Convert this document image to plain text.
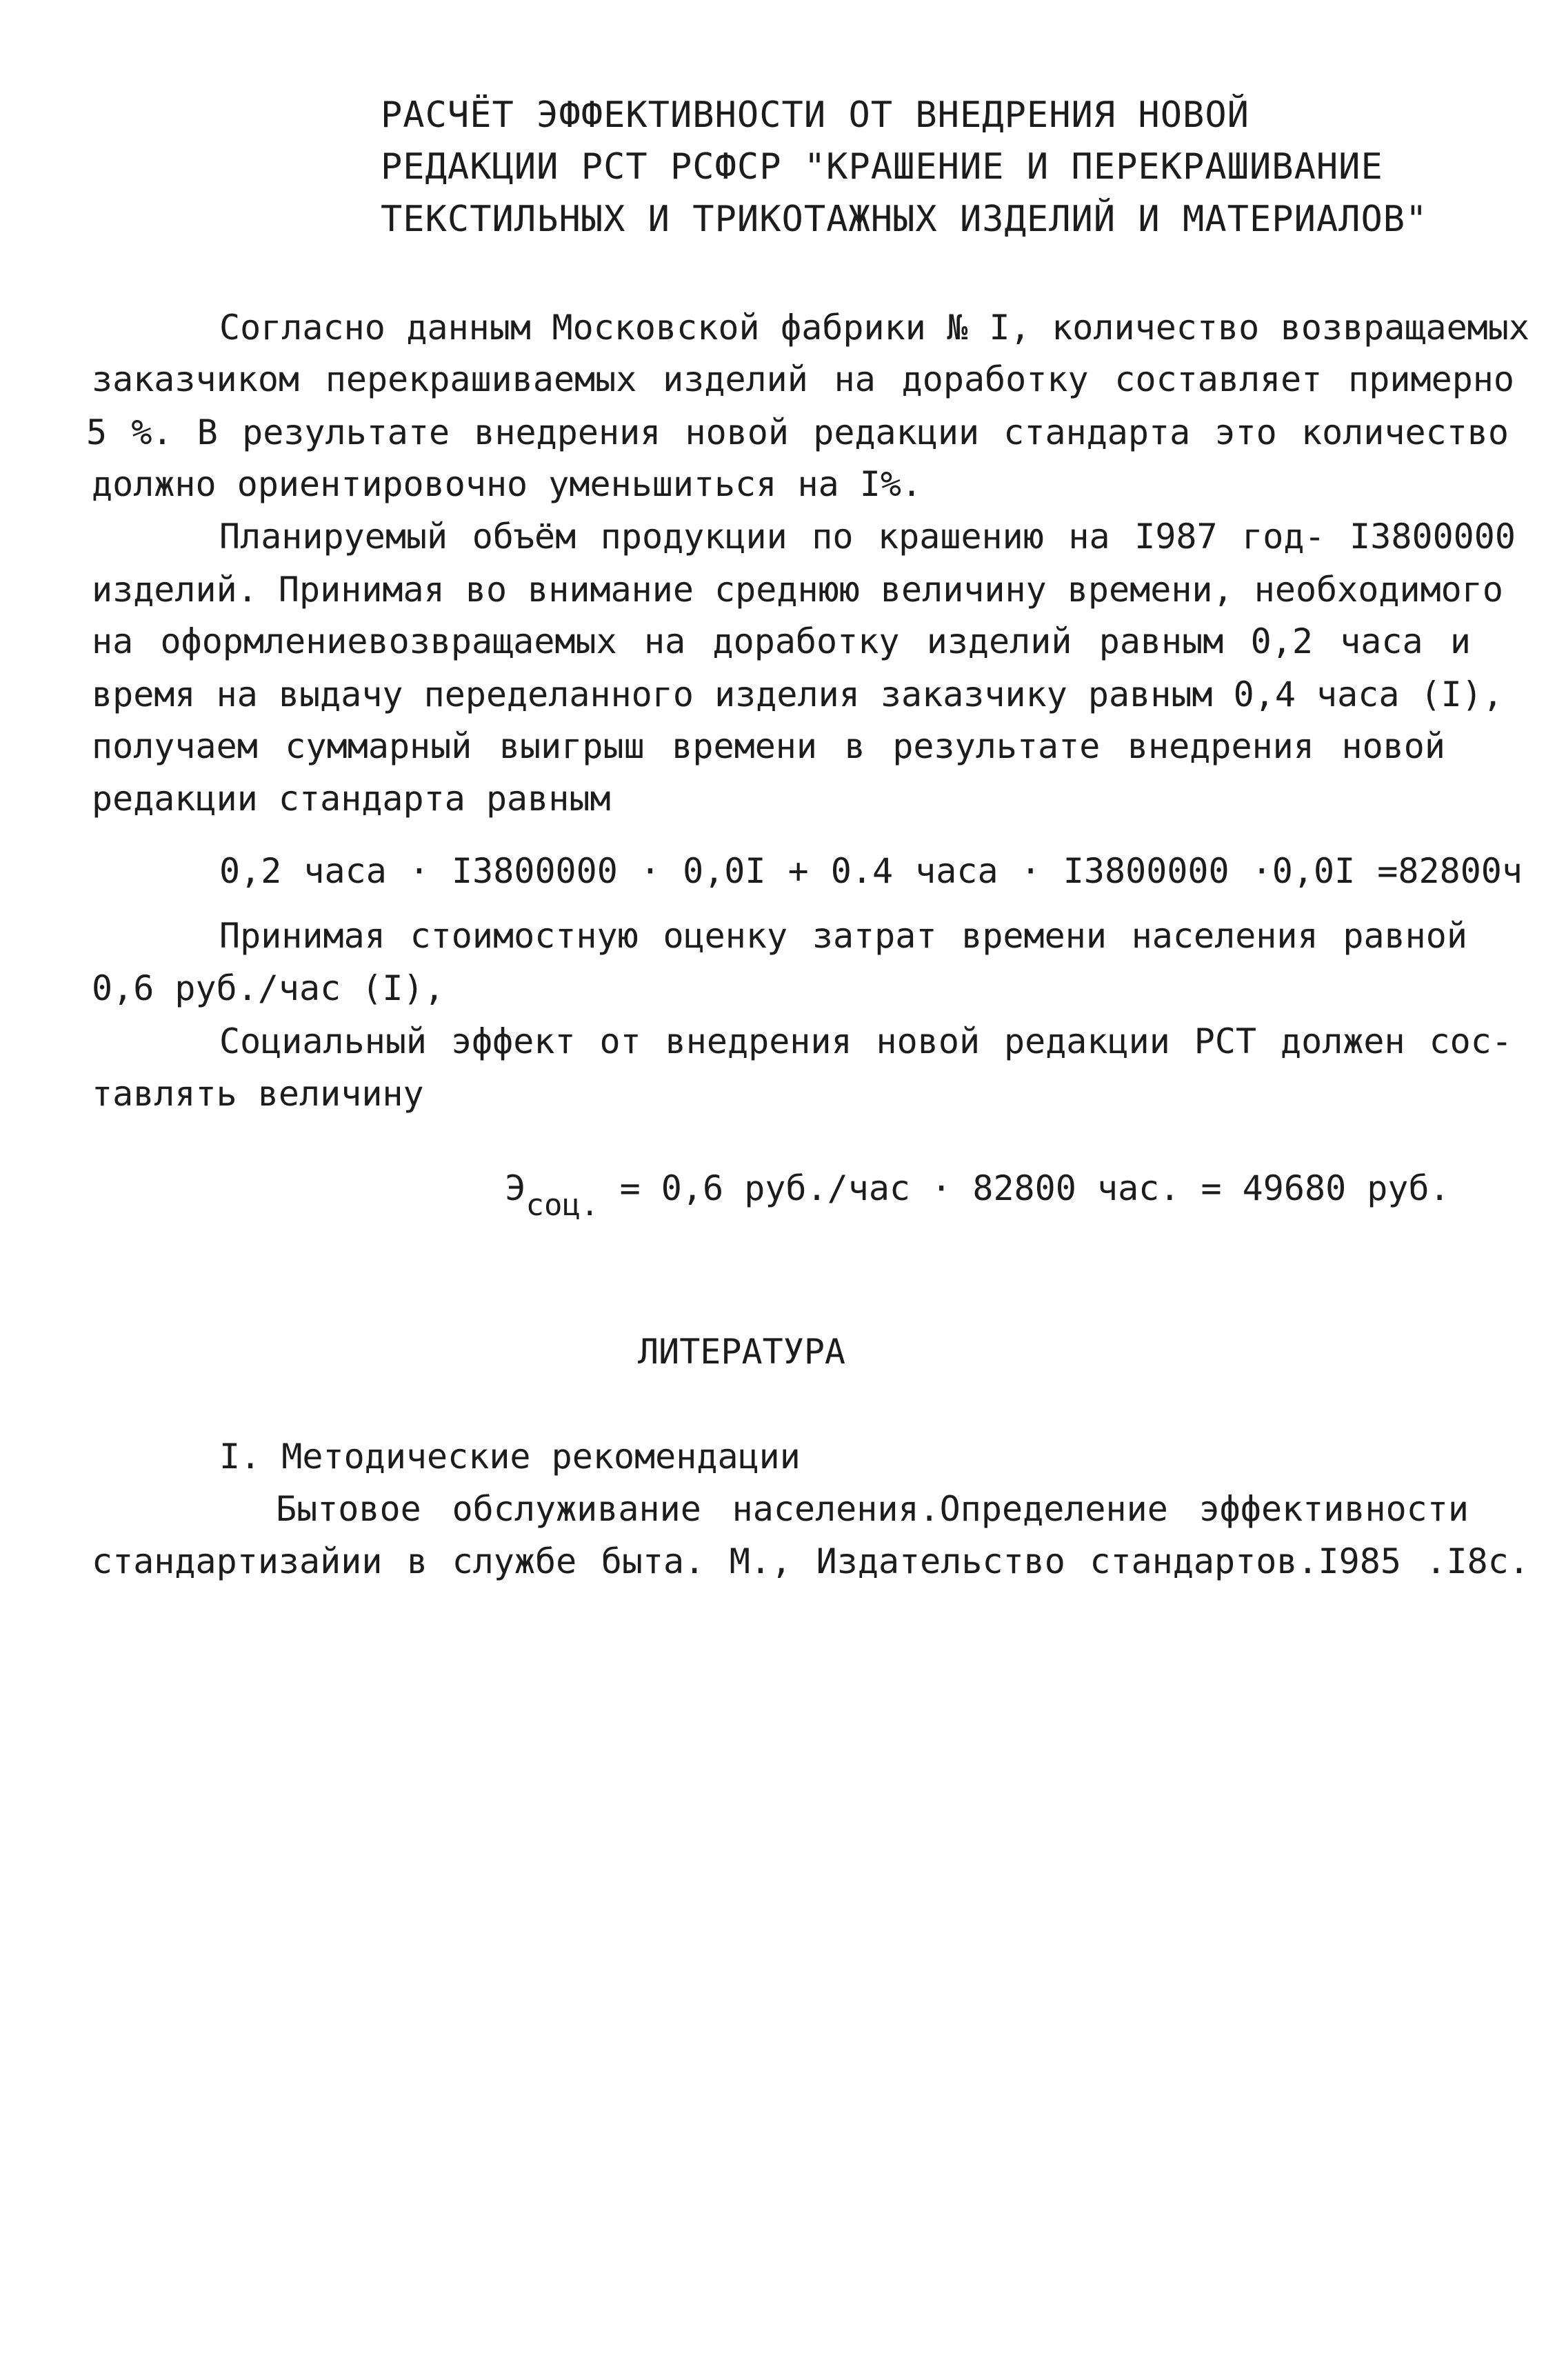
РАСЧЁТ ЭФФЕКТИВНОСТИ ОТ ВНЕДРЕНИЯ НОВОЙ
РЕДАКЦИИ РСТ РСФСР "КРАШЕНИЕ И ПЕРЕКРАШИВАНИЕ
ТЕКСТИЛЬНЫХ И ТРИКОТАЖНЫХ ИЗДЕЛИЙ И МАТЕРИАЛОВ"
Согласно данным Московской фабрики № I, количество возвращаемых
заказчиком перекрашиваемых изделий на доработку составляет примерно
5 %. В результате внедрения новой редакции стандарта это количество
должно ориентировочно уменьшиться на I%.
Планируемый объём продукции по крашению на I987 год- I3800000
изделий. Принимая во внимание среднюю величину времени, необходимого
на оформлениевозвращаемых на доработку изделий равным 0,2 часа и
время на выдачу переделанного изделия заказчику равным 0,4 часа (I),
получаем суммарный выигрыш времени в результате внедрения новой
редакции стандарта равным
0,2 часа · I3800000 · 0,0I + 0.4 часа · I3800000 ·0,0I =82800ч
Принимая стоимостную оценку затрат времени населения равной
0,6 руб./час (I),
Социальный эффект от внедрения новой редакции РСТ должен сос-
тавлять величину

Эсоц. = 0,6 руб./час · 82800 час. = 49680 руб.

ЛИТЕРАТУРА
I. Методические рекомендации
Бытовое обслуживание населения.Определение эффективности
стандартизайии в службе быта. М., Издательство стандартов.I985 .I8с.
